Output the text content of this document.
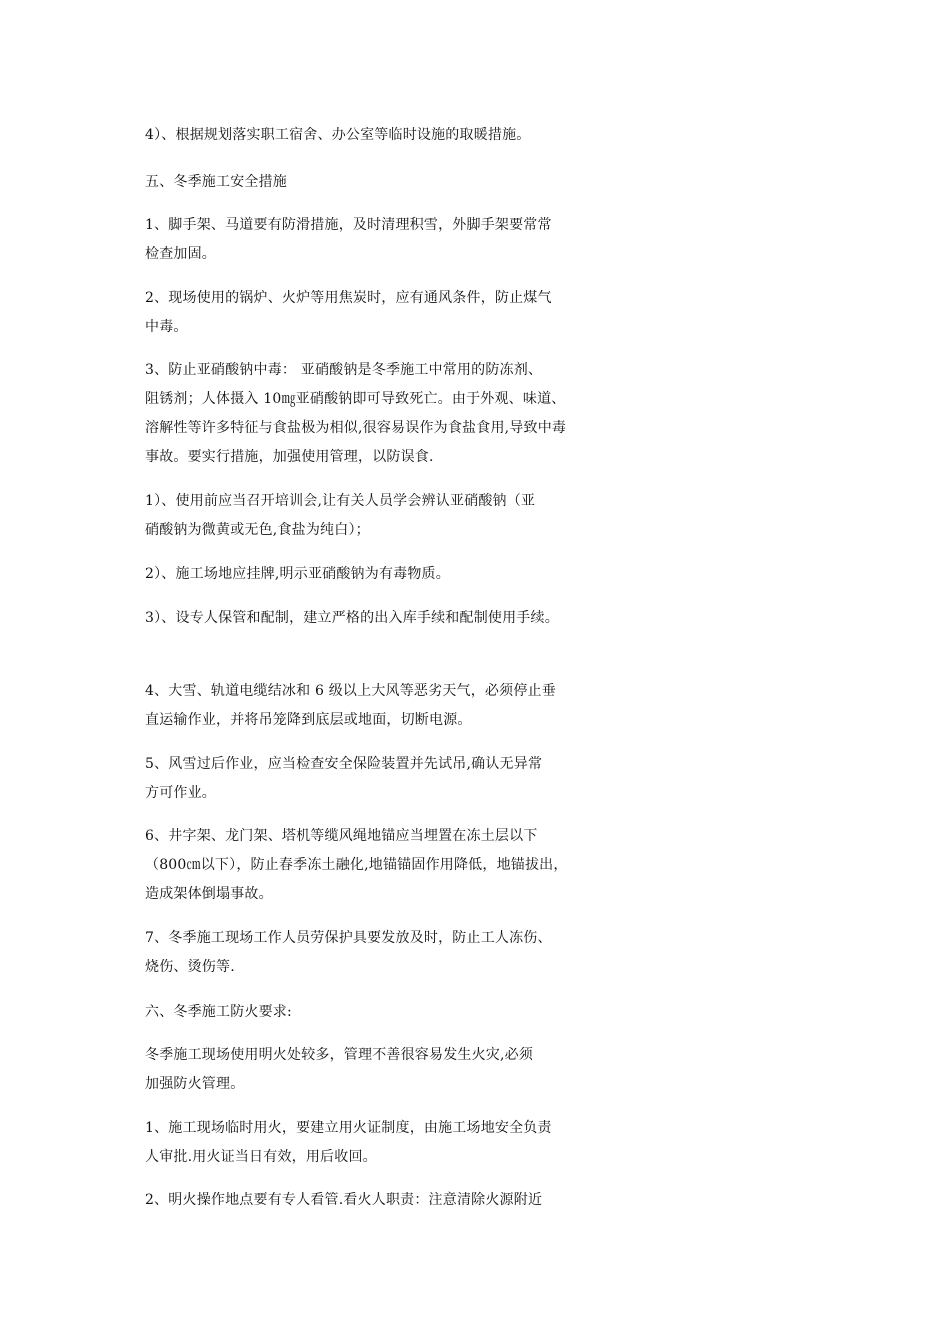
4）、根据规划落实职工宿舍、办公室等临时设施的取暖措施。
五、冬季施工安全措施
1、脚手架、马道要有防滑措施，及时清理积雪，外脚手架要常常
检查加固。
2、现场使用的锅炉、火炉等用焦炭时，应有通风条件，防止煤气
中毒。
3、防止亚硝酸钠中毒： 亚硝酸钠是冬季施工中常用的防冻剂、
阻锈剂；人体摄入 10㎎亚硝酸钠即可导致死亡。由于外观、味道、
溶解性等许多特征与食盐极为相似,很容易误作为食盐食用,导致中毒
事故。要实行措施，加强使用管理，以防误食.
1）、使用前应当召开培训会,让有关人员学会辨认亚硝酸钠（亚
硝酸钠为微黄或无色,食盐为纯白）；
2）、施工场地应挂牌,明示亚硝酸钠为有毒物质。
3）、设专人保管和配制，建立严格的出入库手续和配制使用手续。
4、大雪、轨道电缆结冰和 6 级以上大风等恶劣天气，必须停止垂
直运输作业，并将吊笼降到底层或地面，切断电源。
5、风雪过后作业，应当检查安全保险装置并先试吊,确认无异常
方可作业。
6、井字架、龙门架、塔机等缆风绳地锚应当埋置在冻土层以下
（800㎝以下），防止春季冻土融化,地锚锚固作用降低，地锚拔出，
造成架体倒塌事故。
7、冬季施工现场工作人员劳保护具要发放及时，防止工人冻伤、
烧伤、烫伤等.
六、冬季施工防火要求:
冬季施工现场使用明火处较多，管理不善很容易发生火灾,必须
加强防火管理。
1、施工现场临时用火，要建立用火证制度，由施工场地安全负责
人审批.用火证当日有效，用后收回。
2、明火操作地点要有专人看管.看火人职责：注意清除火源附近
